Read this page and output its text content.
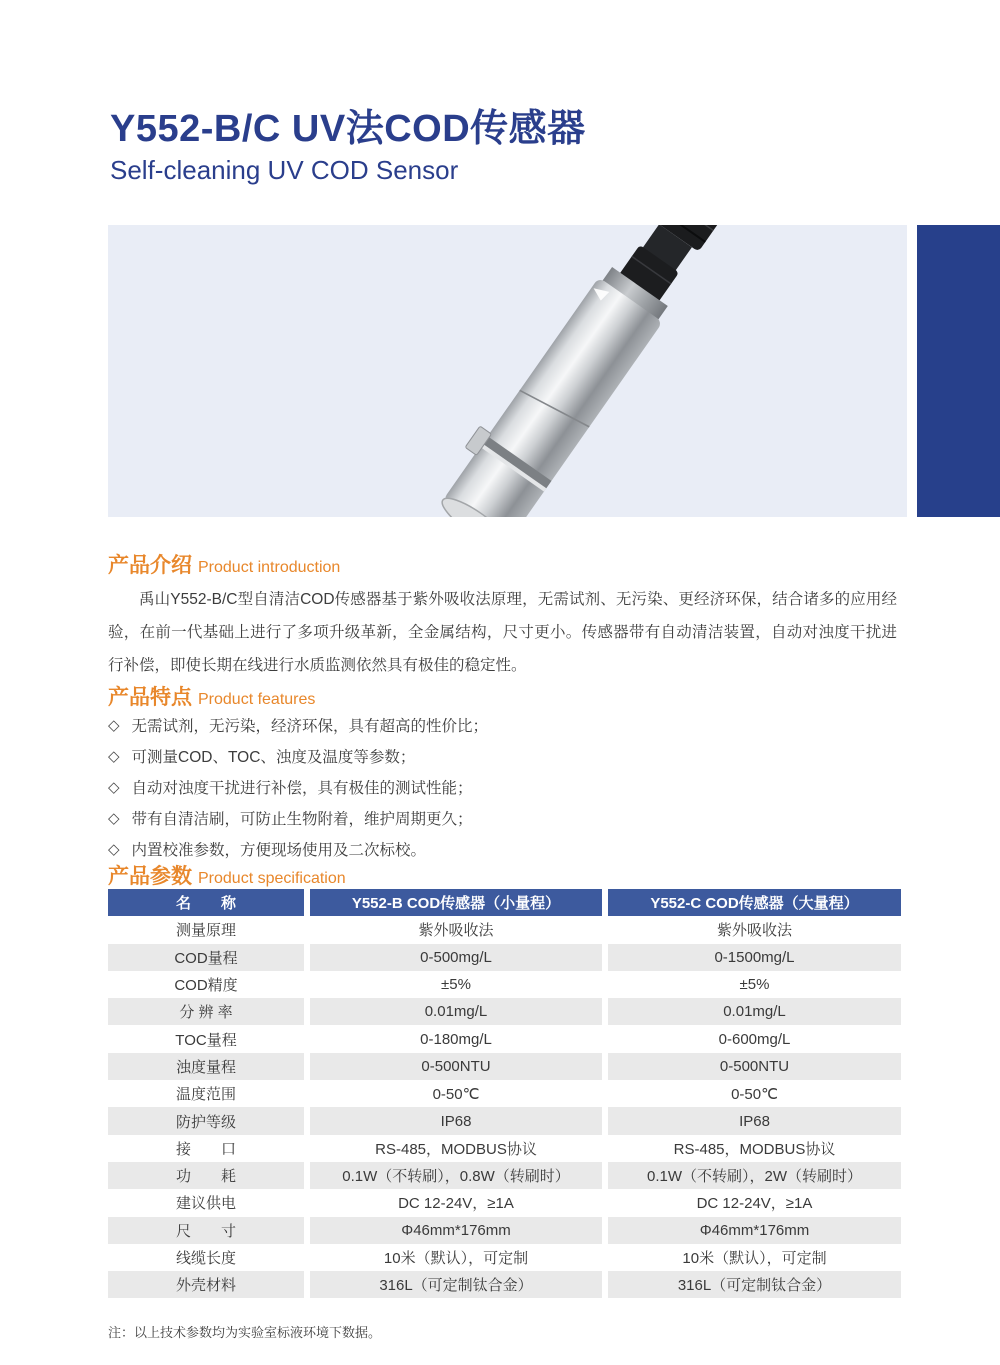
Y552-B/C UV法COD传感器
Self-cleaning UV COD Sensor
产品介绍 Product introduction
禹山Y552-B/C型自清洁COD传感器基于紫外吸收法原理，无需试剂、无污染、更经济环保，结合诸多的应用经验，在前一代基础上进行了多项升级革新，全金属结构，尺寸更小。传感器带有自动清洁装置，自动对浊度干扰进行补偿，即使长期在线进行水质监测依然具有极佳的稳定性。
产品特点 Product features
◇ 无需试剂，无污染，经济环保，具有超高的性价比；
◇ 可测量COD、TOC、浊度及温度等参数；
◇ 自动对浊度干扰进行补偿，具有极佳的测试性能；
◇ 带有自清洁刷，可防止生物附着，维护周期更久；
◇ 内置校准参数，方便现场使用及二次标校。
产品参数 Product specification
名　　称	Y552-B COD传感器（小量程）	Y552-C COD传感器（大量程）
测量原理	紫外吸收法	紫外吸收法
COD量程	0-500mg/L	0-1500mg/L
COD精度	±5%	±5%
分 辨 率	0.01mg/L	0.01mg/L
TOC量程	0-180mg/L	0-600mg/L
浊度量程	0-500NTU	0-500NTU
温度范围	0-50℃	0-50℃
防护等级	IP68	IP68
接　　口	RS-485，MODBUS协议	RS-485，MODBUS协议
功　　耗	0.1W（不转刷），0.8W（转刷时）	0.1W（不转刷），2W（转刷时）
建议供电	DC 12-24V，≥1A	DC 12-24V，≥1A
尺　　寸	Φ46mm*176mm	Φ46mm*176mm
线缆长度	10米（默认），可定制	10米（默认），可定制
外壳材料	316L（可定制钛合金）	316L（可定制钛合金）
注：以上技术参数均为实验室标液环境下数据。
